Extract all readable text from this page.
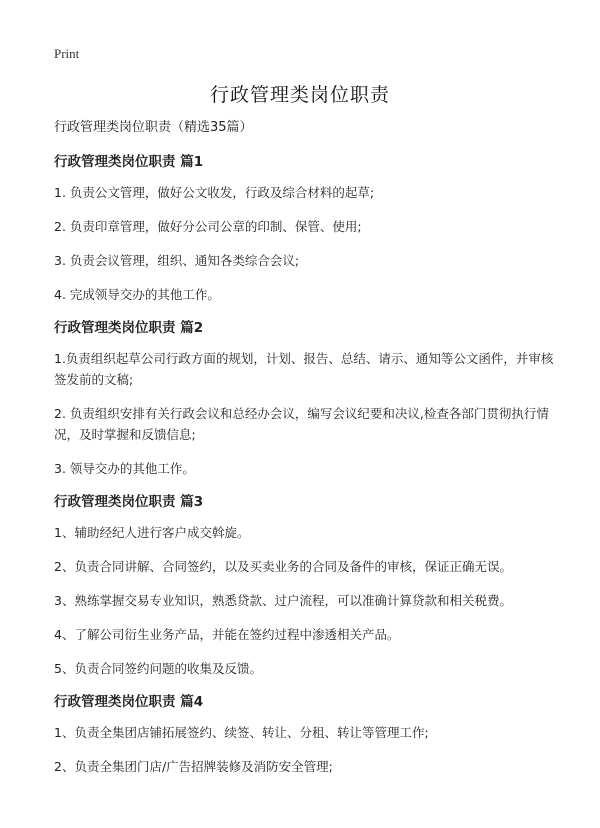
Print
行政管理类岗位职责
行政管理类岗位职责（精选35篇）
行政管理类岗位职责 篇1
1. 负责公文管理，做好公文收发，行政及综合材料的起草;
2. 负责印章管理，做好分公司公章的印制、保管、使用;
3. 负责会议管理，组织、通知各类综合会议;
4. 完成领导交办的其他工作。
行政管理类岗位职责 篇2
1.负责组织起草公司行政方面的规划，计划、报告、总结、请示、通知等公文函件，并审核签发前的文稿;
2. 负责组织安排有关行政会议和总经办会议，编写会议纪要和决议,检查各部门贯彻执行情况，及时掌握和反馈信息;
3. 领导交办的其他工作。
行政管理类岗位职责 篇3
1、辅助经纪人进行客户成交斡旋。
2、负责合同讲解、合同签约，以及买卖业务的合同及备件的审核，保证正确无误。
3、熟练掌握交易专业知识，熟悉贷款、过户流程，可以准确计算贷款和相关税费。
4、了解公司衍生业务产品，并能在签约过程中渗透相关产品。
5、负责合同签约问题的收集及反馈。
行政管理类岗位职责 篇4
1、负责全集团店铺拓展签约、续签、转让、分租、转让等管理工作;
2、负责全集团门店/广告招牌装修及消防安全管理;
